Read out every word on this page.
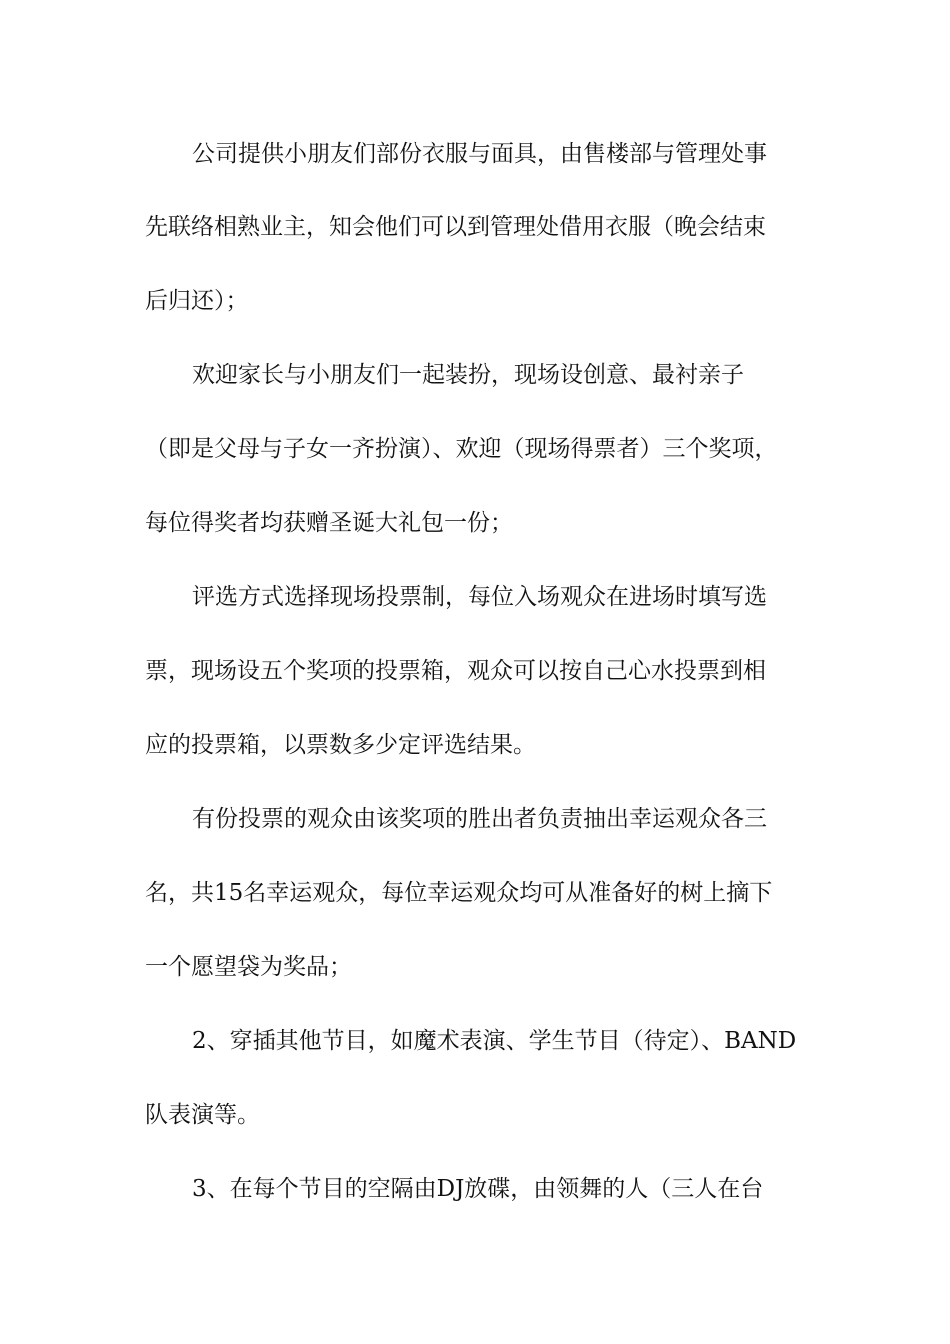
公司提供小朋友们部份衣服与面具，由售楼部与管理处事

先联络相熟业主，知会他们可以到管理处借用衣服（晚会结束

后归还）；

欢迎家长与小朋友们一起装扮，现场设创意、最衬亲子

（即是父母与子女一齐扮演）、欢迎（现场得票者）三个奖项，

每位得奖者均获赠圣诞大礼包一份；

评选方式选择现场投票制，每位入场观众在进场时填写选

票，现场设五个奖项的投票箱，观众可以按自己心水投票到相

应的投票箱，以票数多少定评选结果。

有份投票的观众由该奖项的胜出者负责抽出幸运观众各三

名，共15名幸运观众，每位幸运观众均可从准备好的树上摘下

一个愿望袋为奖品；

2、穿插其他节目，如魔术表演、学生节目（待定）、BAND

队表演等。

3、在每个节目的空隔由DJ放碟，由领舞的人（三人在台
